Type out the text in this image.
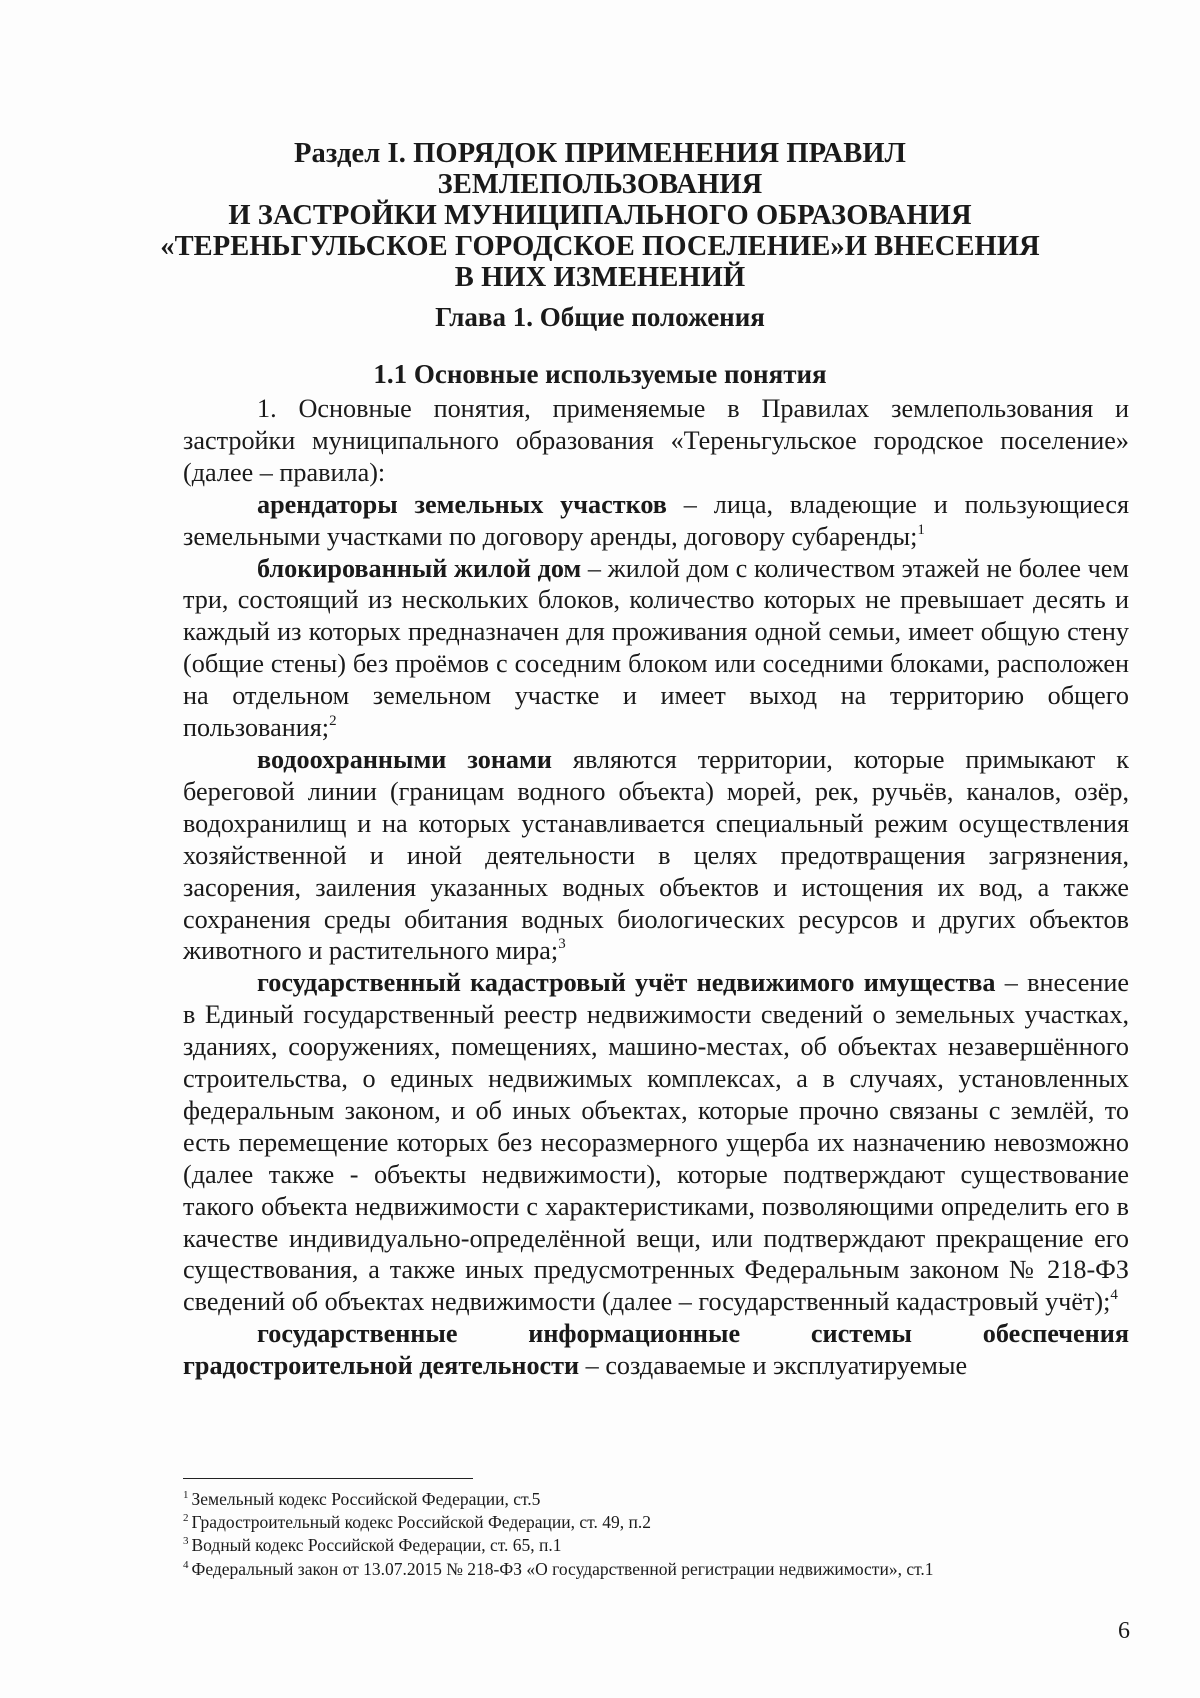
Раздел I. ПОРЯДОК ПРИМЕНЕНИЯ ПРАВИЛ ЗЕМЛЕПОЛЬЗОВАНИЯ
И ЗАСТРОЙКИ МУНИЦИПАЛЬНОГО ОБРАЗОВАНИЯ
«ТЕРЕНЬГУЛЬСКОЕ ГОРОДСКОЕ ПОСЕЛЕНИЕ»И ВНЕСЕНИЯ
В НИХ ИЗМЕНЕНИЙ
Глава 1. Общие положения
1.1 Основные используемые понятия

1. Основные понятия, применяемые в Правилах землепользования и застройки муниципального образования «Тереньгульское городское поселение» (далее – правила):

арендаторы земельных участков – лица, владеющие и пользующиеся земельными участками по договору аренды, договору субаренды;$^1$

блокированный жилой дом – жилой дом с количеством этажей не более чем три, состоящий из нескольких блоков, количество которых не превышает десять и каждый из которых предназначен для проживания одной семьи, имеет общую стену (общие стены) без проёмов с соседним блоком или соседними блоками, расположен на отдельном земельном участке и имеет выход на территорию общего пользования;$^2$

водоохранными зонами являются территории, которые примыкают к береговой линии (границам водного объекта) морей, рек, ручьёв, каналов, озёр, водохранилищ и на которых устанавливается специальный режим осуществления хозяйственной и иной деятельности в целях предотвращения загрязнения, засорения, заиления указанных водных объектов и истощения их вод, а также сохранения среды обитания водных биологических ресурсов и других объектов животного и растительного мира;$^3$

государственный кадастровый учёт недвижимого имущества – внесение в Единый государственный реестр недвижимости сведений о земельных участках, зданиях, сооружениях, помещениях, машино-местах, об объектах незавершённого строительства, о единых недвижимых комплексах, а в случаях, установленных федеральным законом, и об иных объектах, которые прочно связаны с землёй, то есть перемещение которых без несоразмерного ущерба их назначению невозможно (далее также - объекты недвижимости), которые подтверждают существование такого объекта недвижимости с характеристиками, позволяющими определить его в качестве индивидуально-определённой вещи, или подтверждают прекращение его существования, а также иных предусмотренных Федеральным законом № 218-ФЗ сведений об объектах недвижимости (далее – государственный кадастровый учёт);$^4$

государственные информационные системы обеспечения градостроительной деятельности – создаваемые и эксплуатируемые

$^1$ Земельный кодекс Российской Федерации, ст.5
$^2$ Градостроительный кодекс Российской Федерации, ст. 49, п.2
$^3$ Водный кодекс Российской Федерации, ст. 65, п.1
$^4$ Федеральный закон от 13.07.2015 № 218-ФЗ «О государственной регистрации недвижимости», ст.1
6
